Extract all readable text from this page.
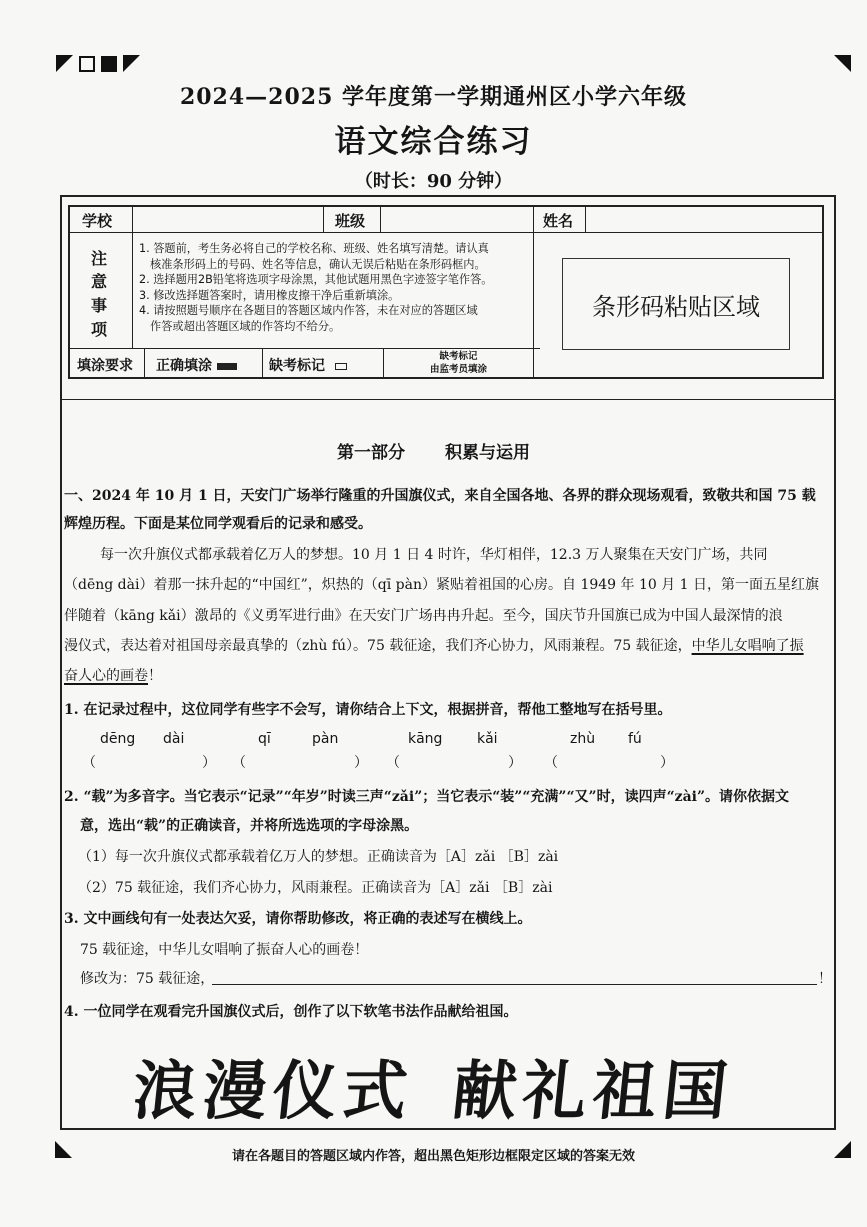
2024—2025 学年度第一学期通州区小学六年级
语文综合练习
（时长：90 分钟）
学校	班级	姓名
注
意
事
项
1. 答题前，考生务必将自己的学校名称、班级、姓名填写清楚。请认真
核准条形码上的号码、姓名等信息，确认无误后粘贴在条形码框内。
2. 选择题用2B铅笔将选项字母涂黑，其他试题用黑色字迹签字笔作答。
3. 修改选择题答案时，请用橡皮擦干净后重新填涂。
4. 请按照题号顺序在各题目的答题区域内作答，未在对应的答题区域
作答或超出答题区域的作答均不给分。
条形码粘贴区域
填涂要求 正确填涂	缺考标记
缺考标记
由监考员填涂
第一部分 积累与运用
一、2024 年 10 月 1 日，天安门广场举行隆重的升国旗仪式，来自全国各地、各界的群众现场观看，致敬共和国 75 载
辉煌历程。下面是某位同学观看后的记录和感受。
每一次升旗仪式都承载着亿万人的梦想。10 月 1 日 4 时许，华灯相伴，12.3 万人聚集在天安门广场，共同
（dēng dài）着那一抹升起的“中国红”，炽热的（qī pàn）紧贴着祖国的心房。自 1949 年 10 月 1 日，第一面五星红旗
伴随着（kāng kǎi）激昂的《义勇军进行曲》在天安门广场冉冉升起。至今，国庆节升国旗已成为中国人最深情的浪
漫仪式，表达着对祖国母亲最真挚的（zhù fú）。75 载征途，我们齐心协力，风雨兼程。75 载征途，中华儿女唱响了振
奋人心的画卷！
1. 在记录过程中，这位同学有些字不会写，请你结合上下文，根据拼音，帮他工整地写在括号里。
dēng dài	qī	pàn	kāng kǎi	zhù fú
（	） （	） （	） （	）
2. “载”为多音字。当它表示“记录”“年岁”时读三声“zǎi”；当它表示“装”“充满”“又”时，读四声“zài”。请你依据文
意，选出“载”的正确读音，并将所选选项的字母涂黑。
（1）每一次升旗仪式都承载着亿万人的梦想。正确读音为［A］zǎi ［B］zài
（2）75 载征途，我们齐心协力，风雨兼程。正确读音为［A］zǎi ［B］zài
3. 文中画线句有一处表达欠妥，请你帮助修改，将正确的表述写在横线上。
75 载征途，中华儿女唱响了振奋人心的画卷！
修改为：75 载征途，	！
4. 一位同学在观看完升国旗仪式后，创作了以下软笔书法作品献给祖国。
浪漫仪式 献礼祖国
请在各题目的答题区域内作答，超出黑色矩形边框限定区域的答案无效
